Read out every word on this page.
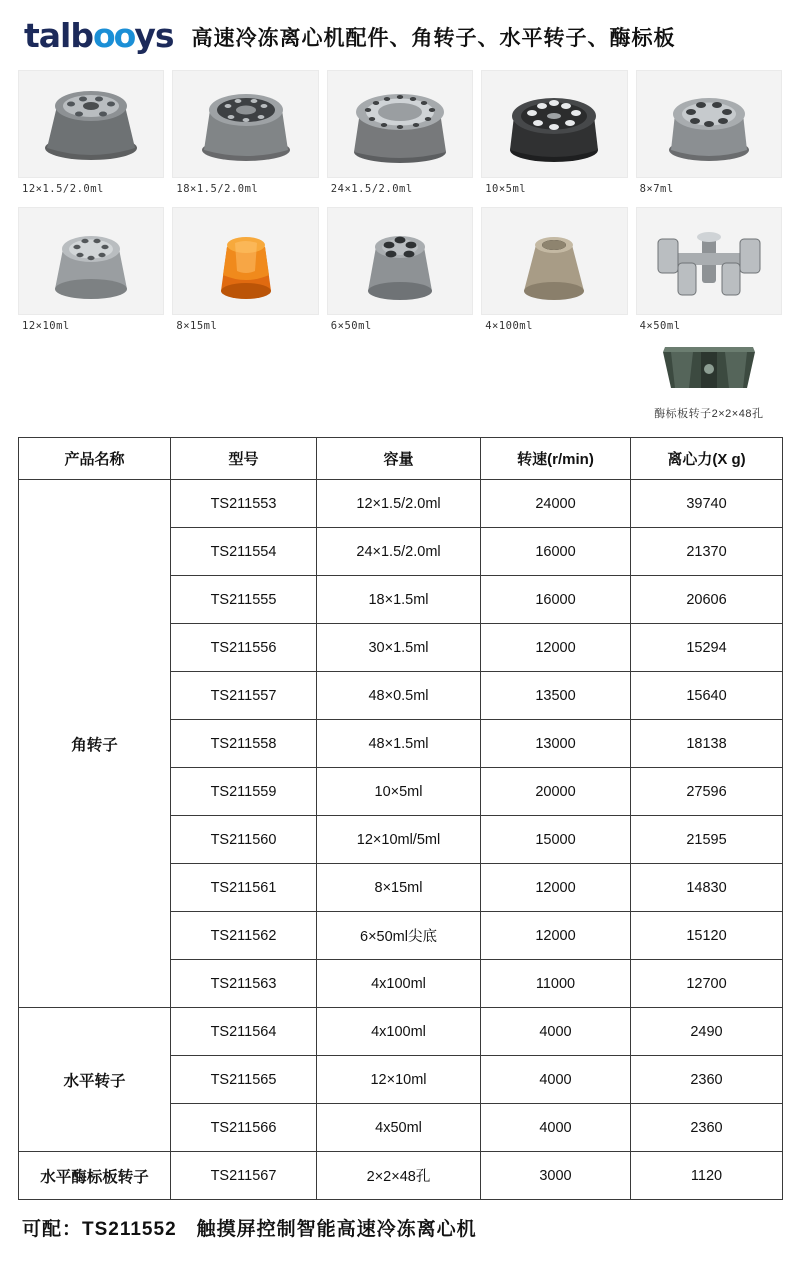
talbooys 高速冷冻离心机配件、角转子、水平转子、酶标板
12×1.5/2.0ml	18×1.5/2.0ml	24×1.5/2.0ml	10×5ml	8×7ml
12×10ml	8×15ml	6×50ml	4×100ml	4×50ml
酶标板转子2×2×48孔
产品名称	型号	容量	转速(r/min)	离心力(X g)
角转子	TS211553	12×1.5/2.0ml	24000	39740
	TS211554	24×1.5/2.0ml	16000	21370
	TS211555	18×1.5ml	16000	20606
	TS211556	30×1.5ml	12000	15294
	TS211557	48×0.5ml	13500	15640
	TS211558	48×1.5ml	13000	18138
	TS211559	10×5ml	20000	27596
	TS211560	12×10ml/5ml	15000	21595
	TS211561	8×15ml	12000	14830
	TS211562	6×50ml尖底	12000	15120
	TS211563	4x100ml	11000	12700
水平转子	TS211564	4x100ml	4000	2490
	TS211565	12×10ml	4000	2360
	TS211566	4x50ml	4000	2360
水平酶标板转子	TS211567	2×2×48孔	3000	1120
可配：TS211552　触摸屏控制智能高速冷冻离心机
